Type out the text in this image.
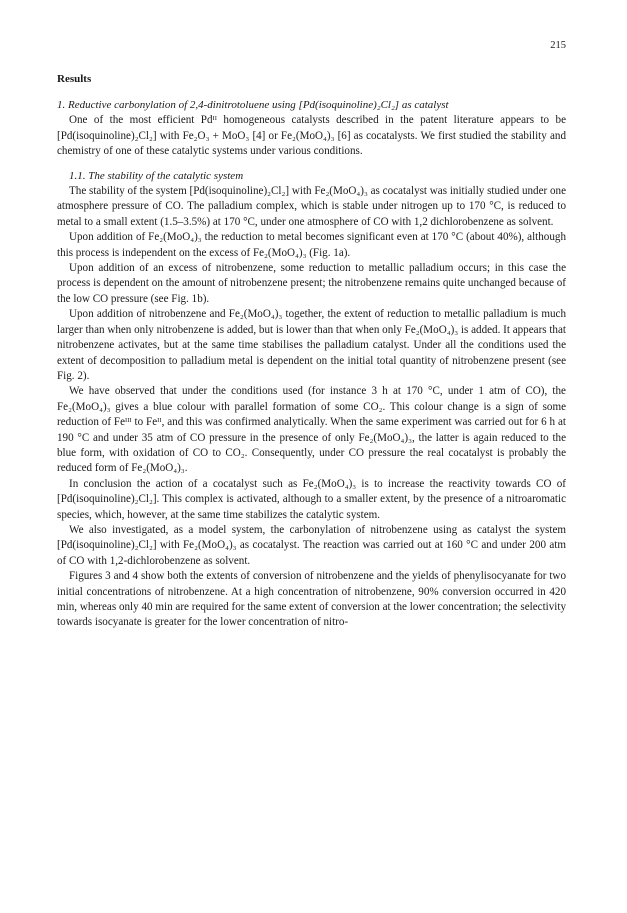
215
Results

1. Reductive carbonylation of 2,4-dinitrotoluene using [Pd(isoquinoline)₂Cl₂] as catalyst

One of the most efficient Pdᴵᴵ homogeneous catalysts described in the patent literature appears to be [Pd(isoquinoline)₂Cl₂] with Fe₂O₃ + MoO₃ [4] or Fe₂(MoO₄)₃ [6] as cocatalysts. We first studied the stability and chemistry of one of these catalytic systems under various conditions.

1.1. The stability of the catalytic system

The stability of the system [Pd(isoquinoline)₂Cl₂] with Fe₂(MoO₄)₃ as cocatalyst was initially studied under one atmosphere pressure of CO. The palladium complex, which is stable under nitrogen up to 170 °C, is reduced to metal to a small extent (1.5–3.5%) at 170 °C, under one atmosphere of CO with 1,2 dichlorobenzene as solvent.

Upon addition of Fe₂(MoO₄)₃ the reduction to metal becomes significant even at 170 °C (about 40%), although this process is independent on the excess of Fe₂(MoO₄)₃ (Fig. 1a).

Upon addition of an excess of nitrobenzene, some reduction to metallic palladium occurs; in this case the process is dependent on the amount of nitrobenzene present; the nitrobenzene remains quite unchanged because of the low CO pressure (see Fig. 1b).

Upon addition of nitrobenzene and Fe₂(MoO₄)₃ together, the extent of reduction to metallic palladium is much larger than when only nitrobenzene is added, but is lower than that when only Fe₂(MoO₄)₃ is added. It appears that nitrobenzene activates, but at the same time stabilises the palladium catalyst. Under all the conditions used the extent of decomposition to palladium metal is dependent on the initial total quantity of nitrobenzene present (see Fig. 2).

We have observed that under the conditions used (for instance 3 h at 170 °C, under 1 atm of CO), the Fe₂(MoO₄)₃ gives a blue colour with parallel formation of some CO₂. This colour change is a sign of some reduction of Feᴵᴵᴵ to Feᴵᴵ, and this was confirmed analytically. When the same experiment was carried out for 6 h at 190 °C and under 35 atm of CO pressure in the presence of only Fe₂(MoO₄)₃, the latter is again reduced to the blue form, with oxidation of CO to CO₂. Consequently, under CO pressure the real cocatalyst is probably the reduced form of Fe₂(MoO₄)₃.

In conclusion the action of a cocatalyst such as Fe₂(MoO₄)₃ is to increase the reactivity towards CO of [Pd(isoquinoline)₂Cl₂]. This complex is activated, although to a smaller extent, by the presence of a nitroaromatic species, which, however, at the same time stabilizes the catalytic system.

We also investigated, as a model system, the carbonylation of nitrobenzene using as catalyst the system [Pd(isoquinoline)₂Cl₂] with Fe₂(MoO₄)₃ as cocatalyst. The reaction was carried out at 160 °C and under 200 atm of CO with 1,2-dichlorobenzene as solvent.

Figures 3 and 4 show both the extents of conversion of nitrobenzene and the yields of phenylisocyanate for two initial concentrations of nitrobenzene. At a high concentration of nitrobenzene, 90% conversion occurred in 420 min, whereas only 40 min are required for the same extent of conversion at the lower concentration; the selectivity towards isocyanate is greater for the lower concentration of nitro-
